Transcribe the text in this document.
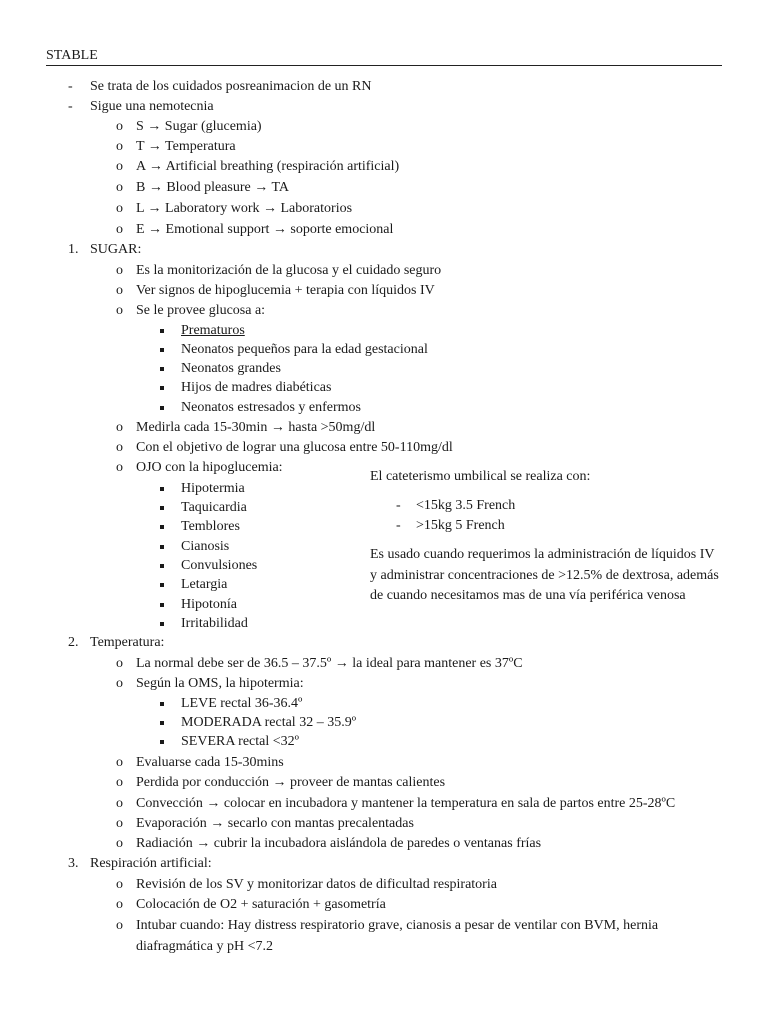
STABLE
- Se trata de los cuidados posreanimacion de un RN
- Sigue una nemotecnia
o S → Sugar (glucemia)
o T → Temperatura
o A → Artificial breathing (respiración artificial)
o B → Blood pleasure → TA
o L → Laboratory work → Laboratorios
o E → Emotional support → soporte emocional
1. SUGAR:
o Es la monitorización de la glucosa y el cuidado seguro
o Ver signos de hipoglucemia + terapia con líquidos IV
o Se le provee glucosa a:
Prematuros
Neonatos pequeños para la edad gestacional
Neonatos grandes
Hijos de madres diabéticas
Neonatos estresados y enfermos
o Medirla cada 15-30min → hasta >50mg/dl
o Con el objetivo de lograr una glucosa entre 50-110mg/dl
o OJO con la hipoglucemia:
Hipotermia
Taquicardia
Temblores
Cianosis
Convulsiones
Letargia
Hipotonía
Irritabilidad
El cateterismo umbilical se realiza con:
- <15kg 3.5 French
- >15kg 5 French
Es usado cuando requerimos la administración de líquidos IV
y administrar concentraciones de >12.5% de dextrosa, además
de cuando necesitamos mas de una vía periférica venosa
2. Temperatura:
o La normal debe ser de 36.5 – 37.5º → la ideal para mantener es 37ºC
o Según la OMS, la hipotermia:
LEVE rectal 36-36.4º
MODERADA rectal 32 – 35.9º
SEVERA rectal <32º
o Evaluarse cada 15-30mins
o Perdida por conducción → proveer de mantas calientes
o Convección → colocar en incubadora y mantener la temperatura en sala de partos entre 25-28ºC
o Evaporación → secarlo con mantas precalentadas
o Radiación → cubrir la incubadora aislándola de paredes o ventanas frías
3. Respiración artificial:
o Revisión de los SV y monitorizar datos de dificultad respiratoria
o Colocación de O2 + saturación + gasometría
o Intubar cuando: Hay distress respiratorio grave, cianosis a pesar de ventilar con BVM, hernia
diafragmática y pH <7.2
